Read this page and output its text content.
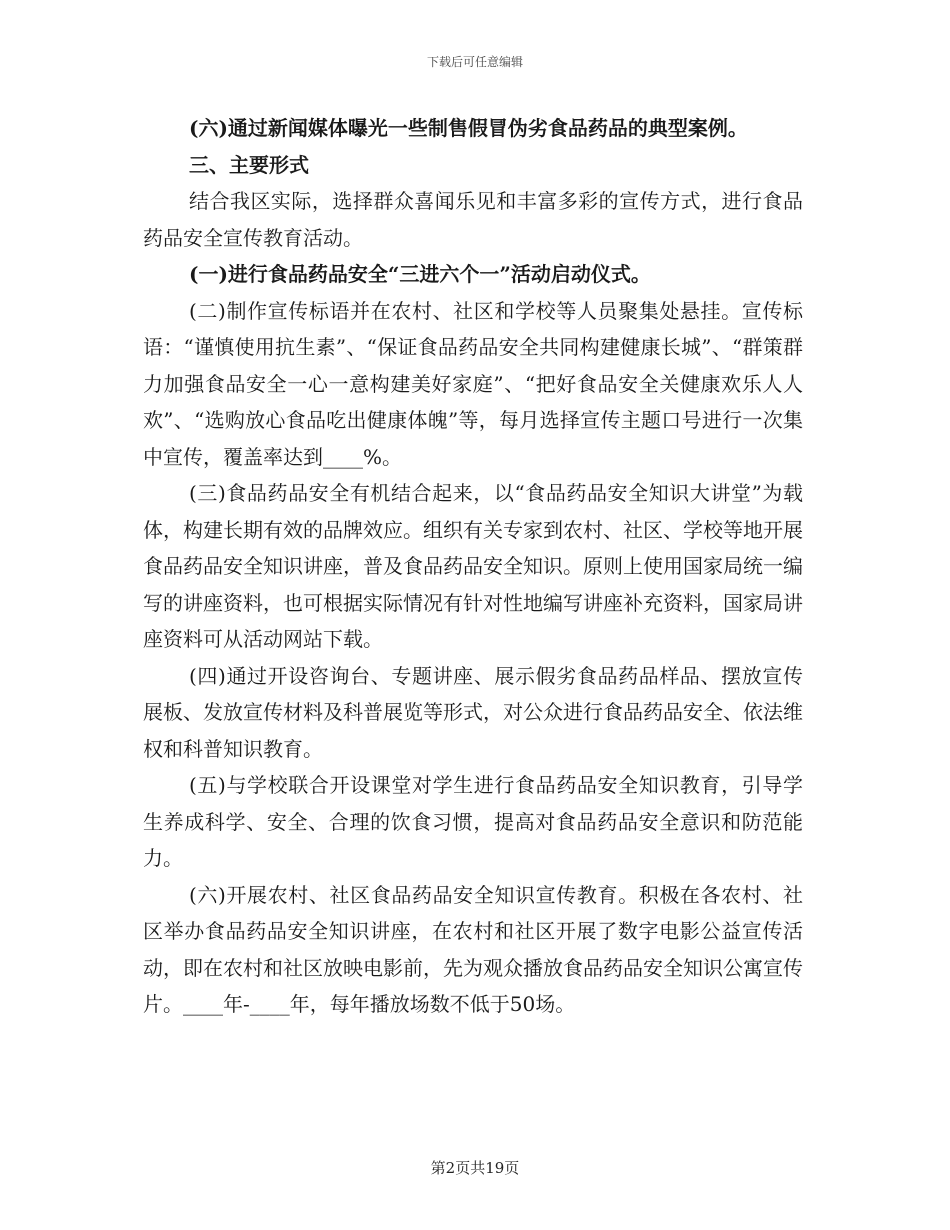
下载后可任意编辑

(六)通过新闻媒体曝光一些制售假冒伪劣食品药品的典型案例。

三、主要形式

结合我区实际，选择群众喜闻乐见和丰富多彩的宣传方式，进行食品药品安全宣传教育活动。

(一)进行食品药品安全“三进六个一”活动启动仪式。

(二)制作宣传标语并在农村、社区和学校等人员聚集处悬挂。宣传标语：“谨慎使用抗生素”、“保证食品药品安全共同构建健康长城”、“群策群力加强食品安全一心一意构建美好家庭”、“把好食品安全关健康欢乐人人欢”、“选购放心食品吃出健康体魄”等，每月选择宣传主题口号进行一次集中宣传，覆盖率达到____%。

(三)食品药品安全有机结合起来，以“食品药品安全知识大讲堂”为载体，构建长期有效的品牌效应。组织有关专家到农村、社区、学校等地开展食品药品安全知识讲座，普及食品药品安全知识。原则上使用国家局统一编写的讲座资料，也可根据实际情况有针对性地编写讲座补充资料，国家局讲座资料可从活动网站下载。

(四)通过开设咨询台、专题讲座、展示假劣食品药品样品、摆放宣传展板、发放宣传材料及科普展览等形式，对公众进行食品药品安全、依法维权和科普知识教育。

(五)与学校联合开设课堂对学生进行食品药品安全知识教育，引导学生养成科学、安全、合理的饮食习惯，提高对食品药品安全意识和防范能力。

(六)开展农村、社区食品药品安全知识宣传教育。积极在各农村、社区举办食品药品安全知识讲座，在农村和社区开展了数字电影公益宣传活动，即在农村和社区放映电影前，先为观众播放食品药品安全知识公寓宣传片。____年-____年，每年播放场数不低于50场。

第2页共19页
